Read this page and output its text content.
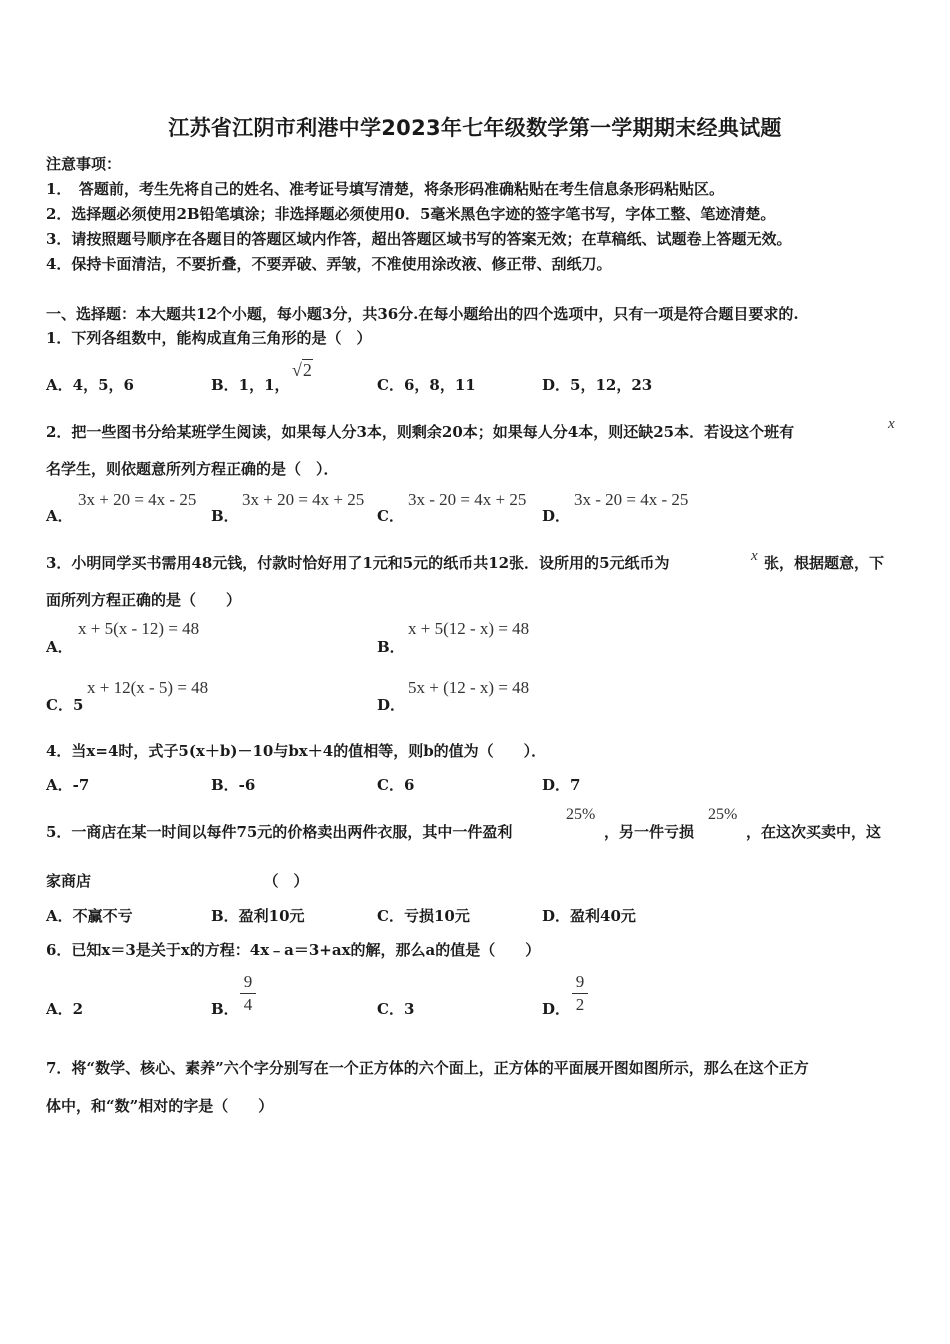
江苏省江阴市利港中学2023年七年级数学第一学期期末经典试题
注意事项：
1．　答题前，考生先将自己的姓名、准考证号填写清楚，将条形码准确粘贴在考生信息条形码粘贴区。
2．选择题必须使用2B铅笔填涂；非选择题必须使用0．5毫米黑色字迹的签字笔书写，字体工整、笔迹清楚。
3．请按照题号顺序在各题目的答题区域内作答，超出答题区域书写的答案无效；在草稿纸、试题卷上答题无效。
4．保持卡面清洁，不要折叠，不要弄破、弄皱，不准使用涂改液、修正带、刮纸刀。
一、选择题：本大题共12个小题，每小题3分，共36分.在每小题给出的四个选项中，只有一项是符合题目要求的.
1．下列各组数中，能构成直角三角形的是（　）
A．4，5，6	B．1，1，
√2
C．6，8，11	D．5，12，23
2．把一些图书分给某班学生阅读，如果每人分3本，则剩余20本；如果每人分4本，则还缺25本．若设这个班有	x
名学生，则依题意所列方程正确的是（　）．
A．
3x + 20 = 4x - 25
B．
3x + 20 = 4x + 25
C．
3x - 20 = 4x + 25
D．
3x - 20 = 4x - 25
3．小明同学买书需用48元钱，付款时恰好用了1元和5元的纸币共12张．设所用的5元纸币为	x 张，根据题意，下
面所列方程正确的是（　　）
A．
x + 5(x - 12) = 48
B．
x + 5(12 - x) = 48
C．5
x + 12(x - 5) = 48
D．
5x + (12 - x) = 48
4．当x=4时，式子5(x＋b)－10与bx＋4的值相等，则b的值为（　　）．
A．-7	B．-6	C．6	D．7
5．一商店在某一时间以每件75元的价格卖出两件衣服，其中一件盈利
25%
，另一件亏损
25%
，在这次买卖中，这
家商店　　　　　　　　　　　　（　）
A．不赢不亏	B．盈利10元	C．亏损10元	D．盈利40元
6．已知x＝3是关于x的方程：4x﹣a＝3+ax的解，那么a的值是（　　）
A．2	B．
9
4	C．3	D．
9
2
7．将“数学、核心、素养”六个字分别写在一个正方体的六个面上，正方体的平面展开图如图所示，那么在这个正方
体中，和“数”相对的字是（　　）
